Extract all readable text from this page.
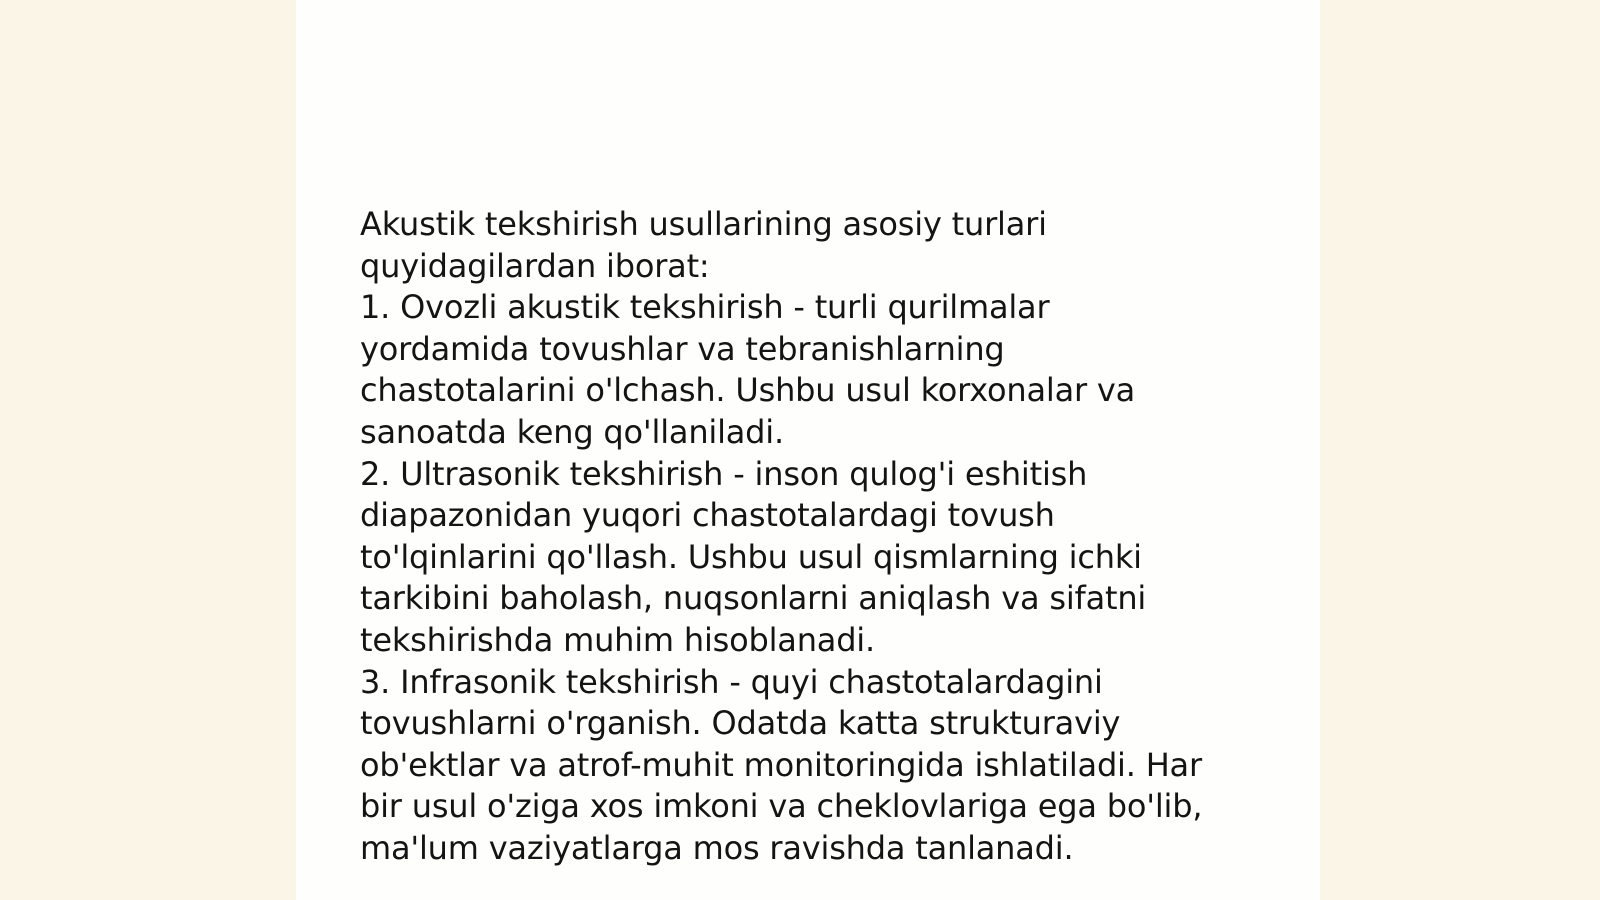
Akustik tekshirish usullarining asosiy turlari
quyidagilardan iborat:
1. Ovozli akustik tekshirish - turli qurilmalar
yordamida tovushlar va tebranishlarning
chastotalarini o'lchash. Ushbu usul korxonalar va
sanoatda keng qo'llaniladi.
2. Ultrasonik tekshirish - inson qulog'i eshitish
diapazonidan yuqori chastotalardagi tovush
to'lqinlarini qo'llash. Ushbu usul qismlarning ichki
tarkibini baholash, nuqsonlarni aniqlash va sifatni
tekshirishda muhim hisoblanadi.
3. Infrasonik tekshirish - quyi chastotalardagini
tovushlarni o'rganish. Odatda katta strukturaviy
ob'ektlar va atrof-muhit monitoringida ishlatiladi. Har
bir usul o'ziga xos imkoni va cheklovlariga ega bo'lib,
ma'lum vaziyatlarga mos ravishda tanlanadi.
